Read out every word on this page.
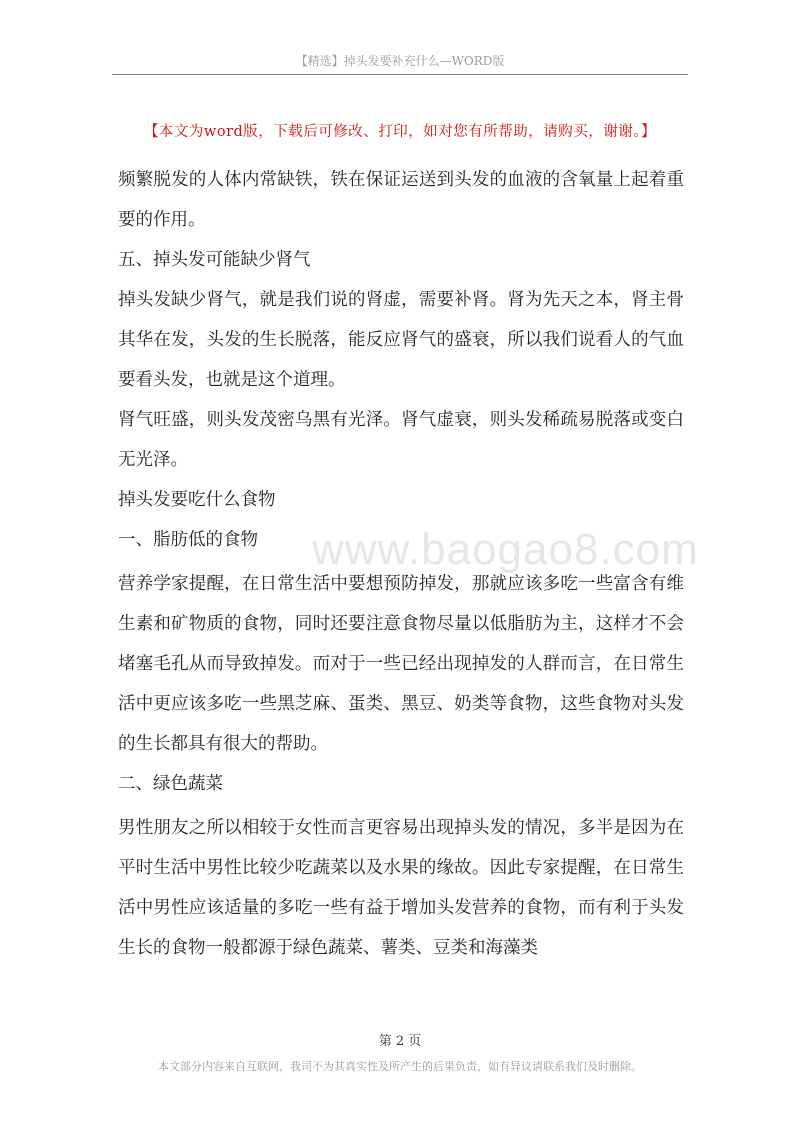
【精选】掉头发要补充什么—WORD版
【本文为word版，下载后可修改、打印，如对您有所帮助，请购买，谢谢。】
www.baogao8.com

频繁脱发的人体内常缺铁，铁在保证运送到头发的血液的含氧量上起着重要的作用。

五、掉头发可能缺少肾气

掉头发缺少肾气，就是我们说的肾虚，需要补肾。肾为先天之本，肾主骨其华在发，头发的生长脱落，能反应肾气的盛衰，所以我们说看人的气血要看头发，也就是这个道理。

肾气旺盛，则头发茂密乌黑有光泽。肾气虚衰，则头发稀疏易脱落或变白无光泽。

掉头发要吃什么食物

一、脂肪低的食物

营养学家提醒，在日常生活中要想预防掉发，那就应该多吃一些富含有维生素和矿物质的食物，同时还要注意食物尽量以低脂肪为主，这样才不会堵塞毛孔从而导致掉发。而对于一些已经出现掉发的人群而言，在日常生活中更应该多吃一些黑芝麻、蛋类、黑豆、奶类等食物，这些食物对头发的生长都具有很大的帮助。

二、绿色蔬菜

男性朋友之所以相较于女性而言更容易出现掉头发的情况，多半是因为在平时生活中男性比较少吃蔬菜以及水果的缘故。因此专家提醒，在日常生活中男性应该适量的多吃一些有益于增加头发营养的食物，而有利于头发生长的食物一般都源于绿色蔬菜、薯类、豆类和海藻类

第 2 页
本文部分内容来自互联网，我司不为其真实性及所产生的后果负责，如有异议请联系我们及时删除。
